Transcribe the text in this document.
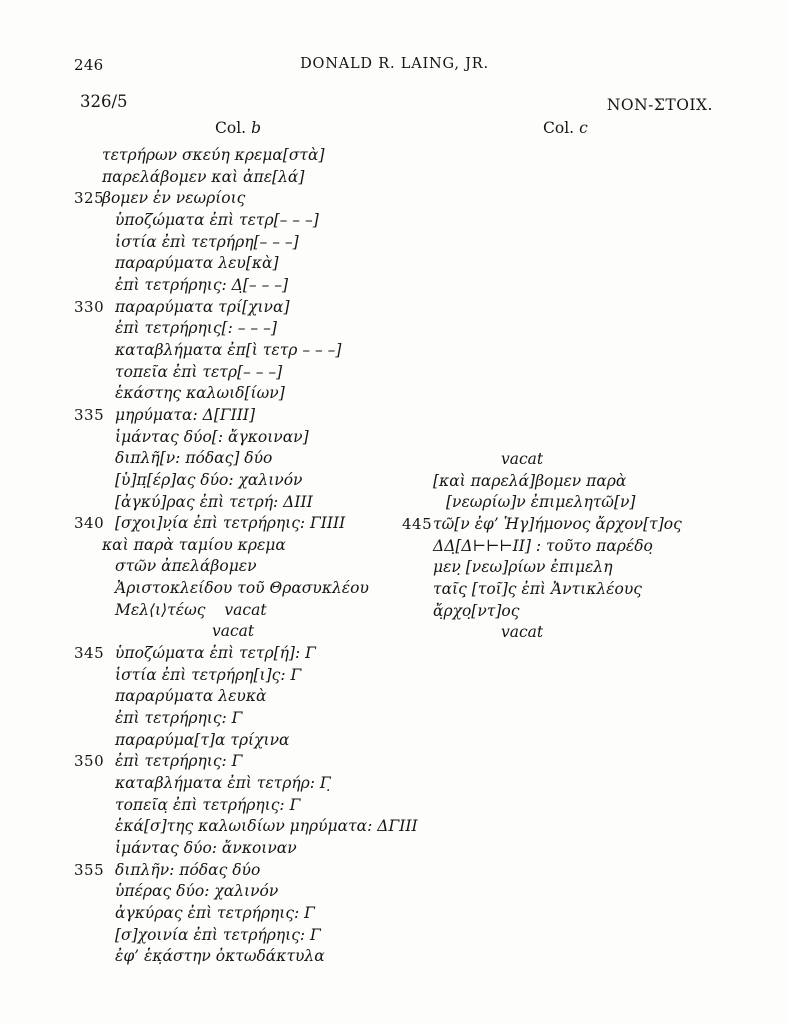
246	DONALD R. LAING, JR.
326/5	NON-ΣΤΟΙΧ.
Col. b	Col. c
τετρήρων σκεύη κρεμα[στὰ]
παρελάβομεν καὶ ἀπε[λά]
325
βομεν ἐν νεωρίοις
ὑποζώματα ἐπὶ τετρ[– – –]
ἱστία ἐπὶ τετρήρη[– – –]
παραρύματα λευ[κὰ]
ἐπὶ τετρήρηις: Δ̣[– – –]
330 παραρύματα τρί[χινα]
ἐπὶ τετρήρηις[: – – –]
καταβλήματα ἐπ[ὶ τετρ – – –]
τοπεῖα ἐπὶ τετρ[– – –]
ἑκάστης καλωιδ[ίων]
335 μηρύματα: Δ[ΓΙΙΙ]
ἱμάντας δύο[: ἄγκοιναν]
διπλῆ̣[ν: πόδας] δύο
[ὑ]π̣[έρ]ας δύο: χαλινόν
[ἀγκύ]ρας ἐπὶ τετρή: ΔΙΙΙ
340 [σχοι]ν̣ία ἐπὶ τετρήρηις: ΓΙΙΙΙ
καὶ παρὰ ταμίου κρεμα
στῶν ἀπελάβομεν
Ἀριστοκλείδου τοῦ Θρασυκλέου
Μελ⟨ι⟩τέως vacat
vacat
345 ὑποζώματα ἐπὶ τετρ[ή]: Γ
ἱστία ἐπὶ τετρήρη[ι]ς: Γ
παραρύματα λευκὰ
ἐπὶ τετρήρηις: Γ
παραρύμα[τ]α τρίχινα
350 ἐπὶ τετρήρηις: Γ
καταβλήματα ἐπὶ τετρήρ: Γ̣
τοπεῖα̣ ἐπὶ τετρήρηις: Γ
ἑκά[σ]της καλωιδίων μηρύματα: ΔΓΙΙΙ
ἱμάντας δύο: ἄνκοιναν
355 διπλῆν: πόδας δύο
ὑπέρας δύο: χαλινόν
ἀγκύρας ἐπὶ τετρήρηις: Γ
[σ]χοινία ἐπὶ τετρήρηις: Γ
ἐφ’ ἑκ̣άστην ὀκτωδάκτυλα
vacat
[καὶ παρελά]βομεν παρὰ
[νεωρίω]ν ἐπιμελητῶ[ν]
445 τῶ[ν ἐφ’ Ἡγ]ήμονος ἄρχον[τ]ος
ΔΔ̣[Δ⊢⊢⊢ΙΙ] : τοῦτο παρέδο̣
μεν̣ [νεω]ρίων ἐπιμελη
ταῖς̣ [τοῖ]ς ἐπὶ Ἀντικλέους
ἄ̣ρχο̣[ντ]ος
vacat
